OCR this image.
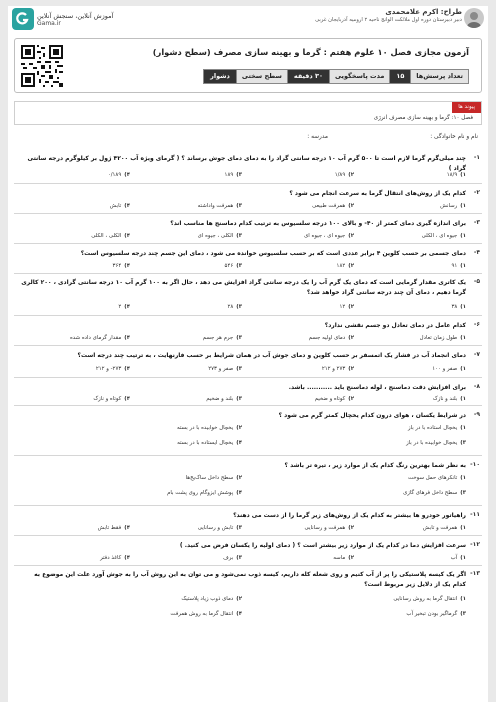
آموزش آنلاین، سنجش آنلاین
Gama.ir
طراح: اکرم علامحمدی
دبیر دبیرستان دوره اول ملائکت الوانج ناحیه ۲ ارومیه آذربایجان غربی
آزمون مجازی فصل ۱۰ علوم هفتم : گرما و بهینه سازی مصرف (سطح دشوار)
تعداد پرسش‌ها
۱۵
مدت پاسخگویی
۳۰ دقیقه
سطح سختی
دشوار
پیوند ها
فصل ۱۰: گرما و بهینه سازی مصرف انرژی
نام و نام خانوادگی :
مدرسه :
۱-
چند میلی‌گرم گرما لازم است تا ۵۰۰ گرم آب ۱۰ درجه سانتی گراد را به دمای دمای جوش برساند ؟ ( گرمای ویژه آب ۴۲۰۰ ژول بر کیلوگرم درجه سانتی گراد )
۱)
۱۸/۹
۲)
۱/۸۹
۳)
۱۸۹
۴)
۰/۱۸۹
۲-
کدام یک از روش‌های انتقال گرما به سرعت انجام می شود ؟
۱)
رسانش
۲)
همرفت طبیعی
۳)
همرفت واداشته
۴)
تابش
۳-
برای اندازه گیری دمای کمتر از ۴۰- و بالای ۱۰۰ درجه سلسیوس به ترتیب کدام دماسنج ها مناسب اند؟
۱)
جیوه ای ، الکلی
۲)
جیوه ای ، جیوه ای
۳)
الکلی ، جیوه ای
۴)
الکلی ، الکلی
۴-
دمای جسمی بر حسب کلوین ۴ برابر عددی است که بر حسب سلسیوس خوانده می شود ، دمای این جسم چند درجه سلسیوس است؟
۱)
۹۱
۲)
۱۸۲
۳)
۵۴۶
۴)
۳۶۴
۵-
یک کاتری مقدار گرمایی است که دمای یک گرم آب را یک درجه سانتی گراد افزایش می دهد ، حال اگر به ۱۰۰ گرم آب ۱۰ درجه سانتی گرادی ، ۲۰۰ کالری گرما دهیم ، دمای آن چند درجه سانتی گراد خواهد شد؟
۱)
۳۸
۲)
۱۲
۳)
۲۸
۴)
۲
۶-
کدام عامل در دمای تعادل دو جسم نقشی ندارد؟
۱)
طول زمان تعادل
۲)
دمای اولیه جسم
۳)
جرم هر جسم
۴)
مقدار گرمای داده شده
۷-
دمای انجماد آب در فشار یک اتمسفر بر حسب کلوین و دمای جوش آب در همان شرایط بر حسب فارنهایت ، به ترتیب چند درجه است؟
۱)
صفر و ۱۰۰
۲)
۲۷۳ و ۲۱۲
۳)
صفر و ۲۷۳
۴)
۲۷۳- و ۲۱۲
۸-
برای افزایش دقت دماسنج ، لوله دماسنج باید ........... باشد.
۱)
بلند و نازک
۲)
کوتاه و ضخیم
۳)
بلند و ضخیم
۴)
کوتاه و نازک
۹-
در شرایط یکسان ، هوای درون کدام یخچال کمتر گرم می شود ؟
۱)
یخچال استاده با در باز
۲)
یخچال خوابیده با در بسته
۳)
یخچال خوابیده با در باز
۴)
یخچال ایستاده با در بسته
۱۰-
به نظر شما بهترین رنگ کدام یک از موارد زیر ، تیره تر باشد ؟
۱)
تانکرهای حمل سوخت
۲)
سطح داخل ساک‌یخ‌ها
۳)
سطح داخل فرهای گازی
۴)
پوشش ایزوگام روی پشت بام
۱۱-
راهیاتور خودرو ها بیشتر به کدام یک از روش‌های زیر گرما را از دست می دهند؟
۱)
همرفت و تابش
۲)
همرفت و رسانایی
۳)
تابش و رسانایی
۴)
فقط تابش
۱۲-
سرعت افزایش دما در کدام یک از موارد زیر بیشتر است ؟ ( دمای اولیه را یکسان فرض می کنید. )
۱)
آب
۲)
ماسه
۳)
برف
۴)
کاغذ دفتر
۱۳-
اگر یک کیسه پلاستیکی را پر از آب کنیم و روی شعله کله داریم، کیسه ذوب نمی‌شود و می توان به این روش آب را به جوش آورد علت این موضوع به کدام یک از دلایل زیر مربوط است؟
۱)
انتقال گرما به روش رسانایی
۲)
دمای ذوب زیاد پلاستیک
۳)
گرماگیر بودن تبخیر آب
۴)
انتقال گرما به روش همرفت
